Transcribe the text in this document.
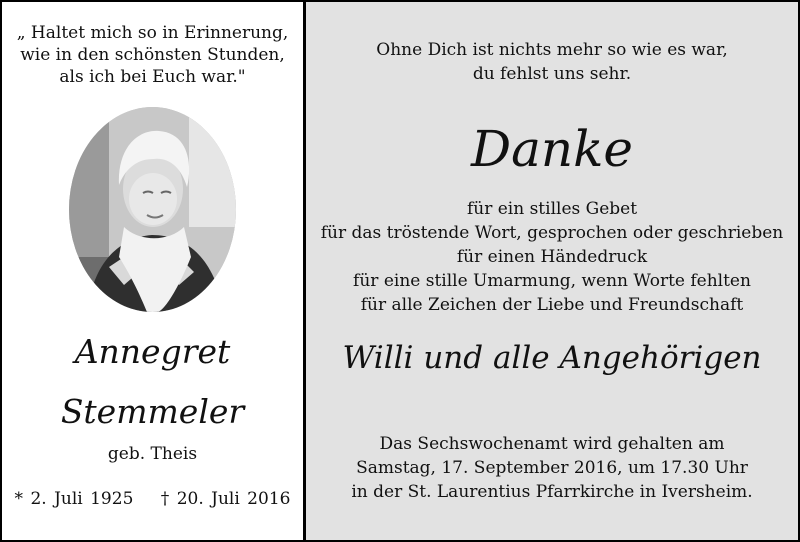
„ Haltet mich so in Erinnerung,
wie in den schönsten Stunden,
als ich bei Euch war."
Annegret
Stemmeler
geb. Theis
* 2. Juli 1925 † 20. Juli 2016
Ohne Dich ist nichts mehr so wie es war,
du fehlst uns sehr.
Danke
für ein stilles Gebet
für das tröstende Wort, gesprochen oder geschrieben
für einen Händedruck
für eine stille Umarmung, wenn Worte fehlten
für alle Zeichen der Liebe und Freundschaft
Willi und alle Angehörigen
Das Sechswochenamt wird gehalten am
Samstag, 17. September 2016, um 17.30 Uhr
in der St. Laurentius Pfarrkirche in Iversheim.
